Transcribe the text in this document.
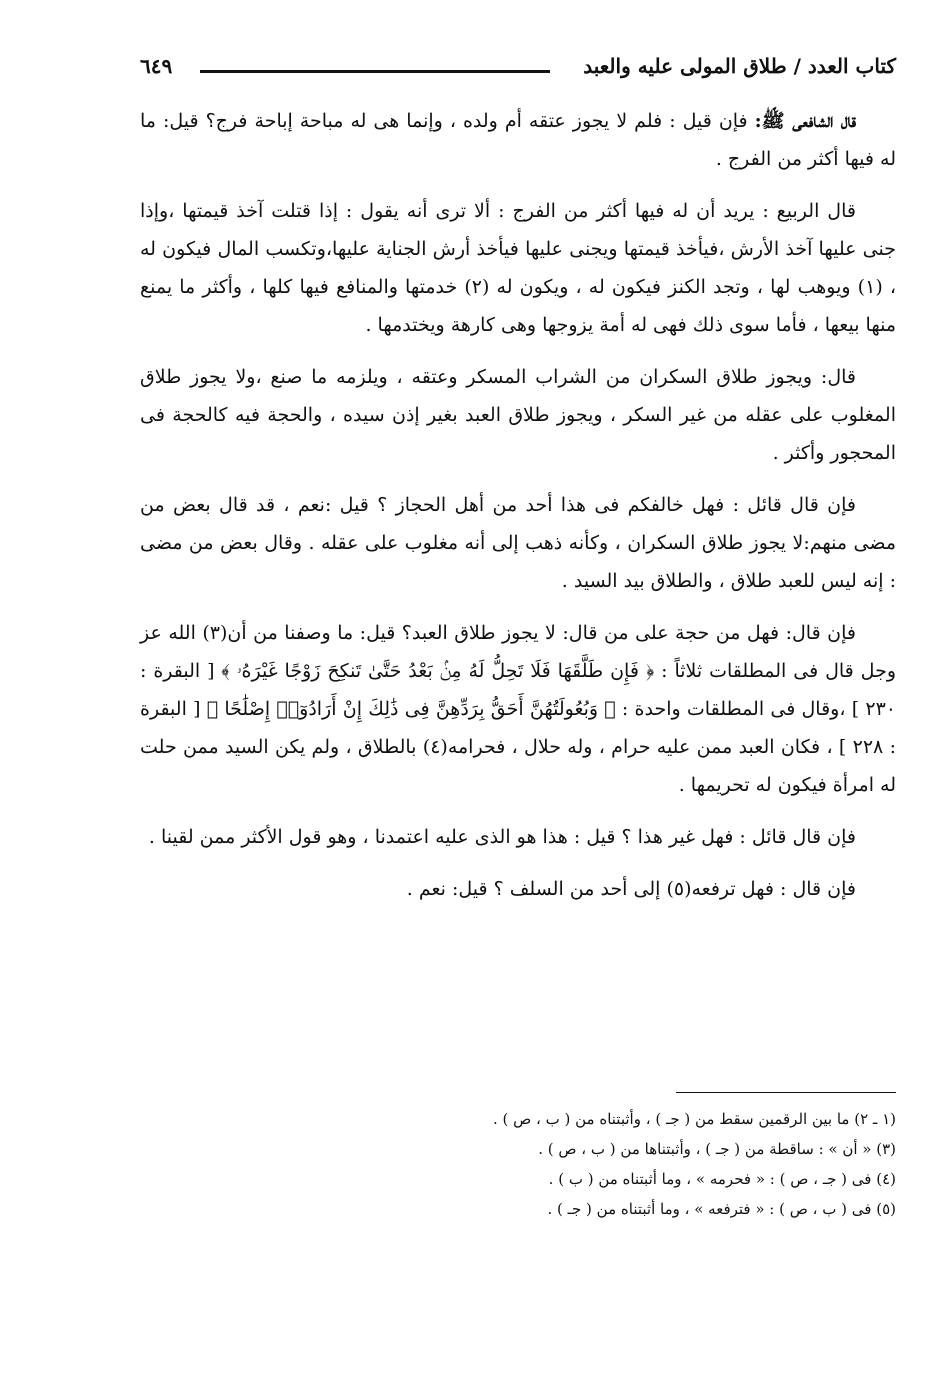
كتاب العدد / طلاق المولى عليه والعبد
٦٤٩

قال الشافعى ﷺ: فإن قيل : فلم لا يجوز عتقه أم ولده ، وإنما هى له مباحة إباحة فرج؟ قيل: ما له فيها أكثر من الفرج .

قال الربيع : يريد أن له فيها أكثر من الفرج : ألا ترى أنه يقول : إذا قتلت آخذ قيمتها ،وإذا جنى عليها آخذ الأرش ،فيأخذ قيمتها ويجنى عليها فيأخذ أرش الجناية عليها،وتكسب المال فيكون له ، (١) ويوهب لها ، وتجد الكنز فيكون له ، ويكون له (٢) خدمتها والمنافع فيها كلها ، وأكثر ما يمنع منها بيعها ، فأما سوى ذلك فهى له أمة يزوجها وهى كارهة ويختدمها .

قال: ويجوز طلاق السكران من الشراب المسكر وعتقه ، ويلزمه ما صنع ،ولا يجوز طلاق المغلوب على عقله من غير السكر ، ويجوز طلاق العبد بغير إذن سيده ، والحجة فيه كالحجة فى المحجور وأكثر .

فإن قال قائل : فهل خالفكم فى هذا أحد من أهل الحجاز ؟ قيل :نعم ، قد قال بعض من مضى منهم:لا يجوز طلاق السكران ، وكأنه ذهب إلى أنه مغلوب على عقله . وقال بعض من مضى : إنه ليس للعبد طلاق ، والطلاق بيد السيد .

فإن قال: فهل من حجة على من قال: لا يجوز طلاق العبد؟ قيل: ما وصفنا من أن(٣) الله عز وجل قال فى المطلقات ثلاثاً : ﴿ فَإِن طَلَّقَهَا فَلَا تَحِلُّ لَهُ مِنۢ بَعْدُ حَتَّىٰ تَنكِحَ زَوْجًا غَيْرَهُۥ ﴾ [ البقرة : ٢٣٠ ] ،وقال فى المطلقات واحدة : ﴿ وَبُعُولَتُهُنَّ أَحَقُّ بِرَدِّهِنَّ فِى ذَٰلِكَ إِنْ أَرَادُوٓا۟ إِصْلَٰحًا ﴾ [ البقرة : ٢٢٨ ] ، فكان العبد ممن عليه حرام ، وله حلال ، فحرامه(٤) بالطلاق ، ولم يكن السيد ممن حلت له امرأة فيكون له تحريمها .

فإن قال قائل : فهل غير هذا ؟ قيل : هذا هو الذى عليه اعتمدنا ، وهو قول الأكثر ممن لقينا .

فإن قال : فهل ترفعه(٥) إلى أحد من السلف ؟ قيل: نعم .

(١ ـ ٢) ما بين الرقمين سقط من ( جـ ) ، وأثبتناه من ( ب ، ص ) .
(٣) « أن » : ساقطة من ( جـ ) ، وأثبتناها من ( ب ، ص ) .
(٤) فى ( جـ ، ص ) : « فحرمه » ، وما أثبتناه من ( ب ) .
(٥) فى ( ب ، ص ) : « فترفعه » ، وما أثبتناه من ( جـ ) .
